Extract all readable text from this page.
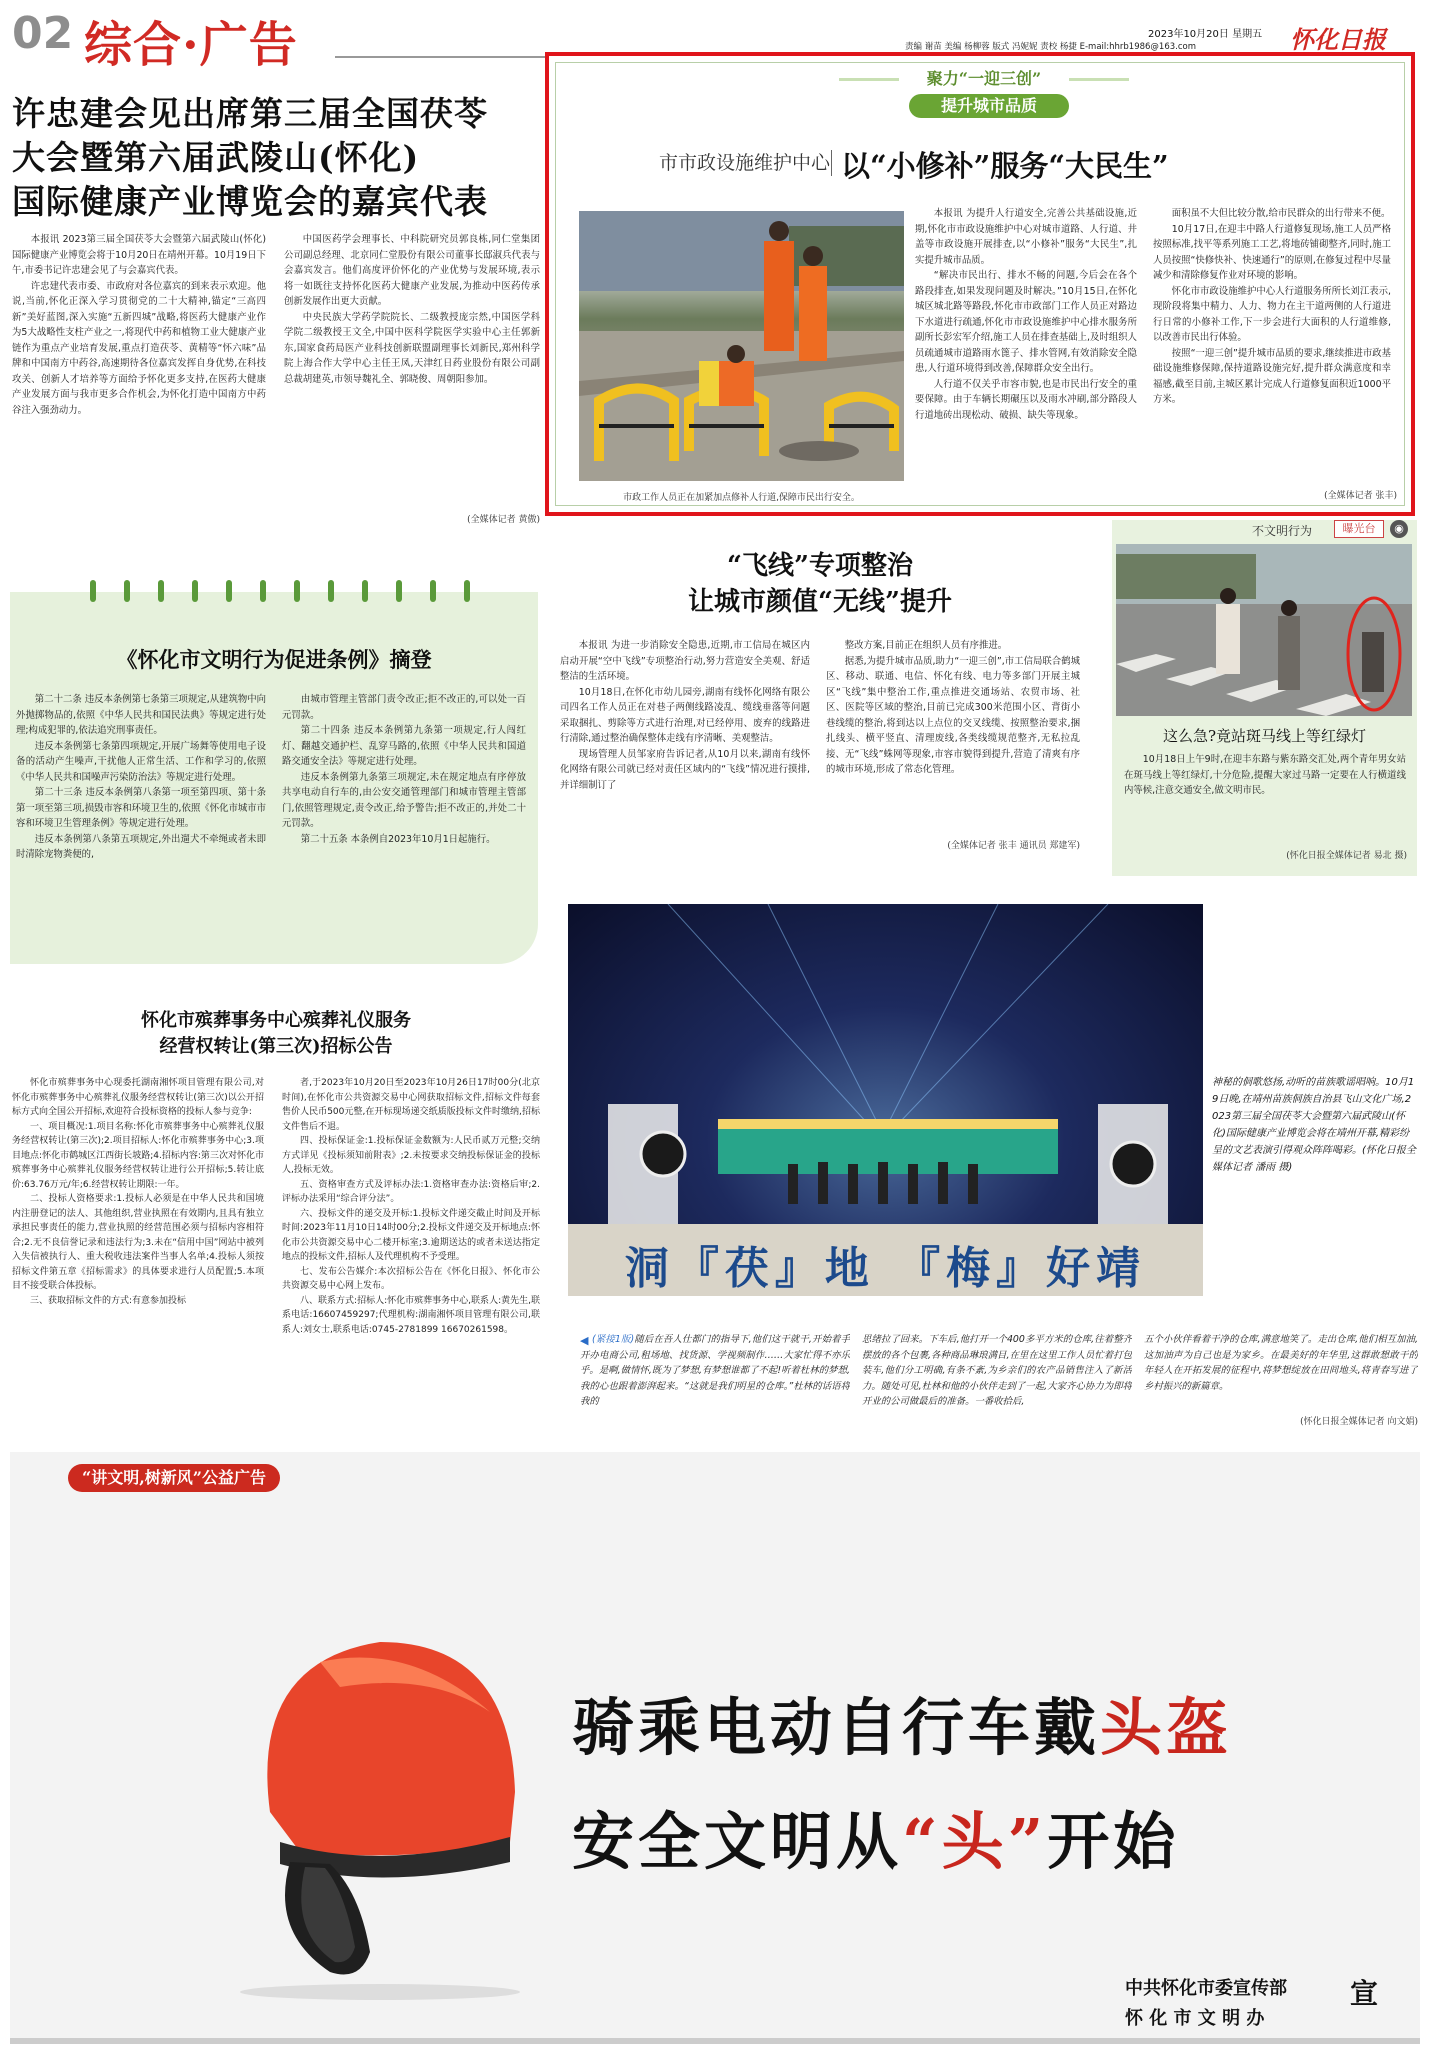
02 综合·广告	2023年10月20日 星期五
责编 谢苗 美编 杨柳蓉 版式 冯妮妮 责校 杨捷 E-mail:hhrb1986@163.com	怀化日报
许忠建会见出席第三届全国茯苓
大会暨第六届武陵山(怀化)
国际健康产业博览会的嘉宾代表

本报讯 2023第三届全国茯苓大会暨第六届武陵山(怀化)国际健康产业博览会将于10月20日在靖州开幕。10月19日下午,市委书记许忠建会见了与会嘉宾代表。

许忠建代表市委、市政府对各位嘉宾的到来表示欢迎。他说,当前,怀化正深入学习贯彻党的二十大精神,锚定“三高四新”美好蓝图,深入实施“五新四城”战略,将医药大健康产业作为5大战略性支柱产业之一,将现代中药和植物工业大健康产业链作为重点产业培育发展,重点打造茯苓、黄精等“怀六味”品牌和中国南方中药谷,高速期待各位嘉宾发挥自身优势,在科技攻关、创新人才培养等方面给予怀化更多支持,在医药大健康产业发展方面与我市更多合作机会,为怀化打造中国南方中药谷注入强劲动力。

中国医药学会理事长、中科院研究员郭良栋,同仁堂集团公司副总经理、北京同仁堂股份有限公司董事长邸淑兵代表与会嘉宾发言。他们高度评价怀化的产业优势与发展环境,表示将一如既往支持怀化医药大健康产业发展,为推动中医药传承创新发展作出更大贡献。

中央民族大学药学院院长、二级教授庞宗然,中国医学科学院二级教授王文全,中国中医科学院医学实验中心主任郭新东,国家食药局医产业科技创新联盟副理事长刘新民,郑州科学院上海合作大学中心主任王凤,天津红日药业股份有限公司副总裁胡建英,市领导魏礼全、郭晓俊、周朝阳参加。

(全媒体记者 黄傲)
聚力“一迎三创”
提升城市品质
市市政设施维护中心 以“小修补”服务“大民生”
市政工作人员正在加紧加点修补人行道,保障市民出行安全。

本报讯 为提升人行道安全,完善公共基础设施,近期,怀化市市政设施维护中心对城市道路、人行道、井盖等市政设施开展排查,以“小修补”服务“大民生”,扎实提升城市品质。

“解决市民出行、排水不畅的问题,今后会在各个路段排查,如果发现问题及时解决。”10月15日,在怀化城区城北路等路段,怀化市市政部门工作人员正对路边下水道进行疏通,怀化市市政设施维护中心排水服务所副所长彭宏军介绍,施工人员在排查基础上,及时组织人员疏通城市道路雨水篦子、排水管网,有效消除安全隐患,人行道环境得到改善,保障群众安全出行。

人行道不仅关乎市容市貌,也是市民出行安全的重要保障。由于车辆长期碾压以及雨水冲刷,部分路段人行道地砖出现松动、破损、缺失等现象。

面积虽不大但比较分散,给市民群众的出行带来不便。

10月17日,在迎丰中路人行道修复现场,施工人员严格按照标准,找平等系列施工工艺,将地砖铺砌整齐,同时,施工人员按照“快修快补、快速通行”的原则,在修复过程中尽量减少和清除修复作业对环境的影响。

怀化市市政设施维护中心人行道服务所所长刘江表示,现阶段将集中精力、人力、物力在主干道两侧的人行道进行日常的小修补工作,下一步会进行大面积的人行道维修,以改善市民出行体验。

按照“一迎三创”提升城市品质的要求,继续推进市政基础设施维修保障,保持道路设施完好,提升群众满意度和幸福感,截至目前,主城区累计完成人行道修复面积近1000平方米。

(全媒体记者 张丰)
《怀化市文明行为促进条例》摘登

第二十二条 违反本条例第七条第三项规定,从建筑物中向外抛掷物品的,依照《中华人民共和国民法典》等规定进行处理;构成犯罪的,依法追究刑事责任。

违反本条例第七条第四项规定,开展广场舞等使用电子设备的活动产生噪声,干扰他人正常生活、工作和学习的,依照《中华人民共和国噪声污染防治法》等规定进行处理。

第二十三条 违反本条例第八条第一项至第四项、第十条第一项至第三项,损毁市容和环境卫生的,依照《怀化市城市市容和环境卫生管理条例》等规定进行处理。

违反本条例第八条第五项规定,外出遛犬不牵绳或者未即时清除宠物粪便的,

由城市管理主管部门责令改正;拒不改正的,可以处一百元罚款。

第二十四条 违反本条例第九条第一项规定,行人闯红灯、翻越交通护栏、乱穿马路的,依照《中华人民共和国道路交通安全法》等规定进行处理。

违反本条例第九条第三项规定,未在规定地点有序停放共享电动自行车的,由公安交通管理部门和城市管理主管部门,依照管理规定,责令改正,给予警告;拒不改正的,并处二十元罚款。

第二十五条 本条例自2023年10月1日起施行。

“飞线”专项整治
让城市颜值“无线”提升

本报讯 为进一步消除安全隐患,近期,市工信局在城区内启动开展“空中飞线”专项整治行动,努力营造安全美观、舒适整洁的生活环境。

10月18日,在怀化市幼儿园旁,湖南有线怀化网络有限公司四名工作人员正在对巷子两侧线路凌乱、缆线垂落等问题采取捆扎、剪除等方式进行治理,对已经停用、废弃的线路进行清除,通过整治确保整体走线有序清晰、美观整洁。

现场管理人员邹家府告诉记者,从10月以来,湖南有线怀化网络有限公司就已经对责任区域内的“飞线”情况进行摸排,并详细制订了

整改方案,目前正在组织人员有序推进。

据悉,为提升城市品质,助力“一迎三创”,市工信局联合鹤城区、移动、联通、电信、怀化有线、电力等多部门开展主城区“飞线”集中整治工作,重点推进交通场站、农贸市场、社区、医院等区域的整治,目前已完成300米范围小区、背街小巷线缆的整治,将到达以上点位的交叉线缆、按照整治要求,捆扎线头、横平竖直、清理废线,各类线缆规范整齐,无私拉乱接、无“飞线”蛛网等现象,市容市貌得到提升,营造了清爽有序的城市环境,形成了常态化管理。

(全媒体记者 张丰 通讯员 郑建军)
不文明行为	曝光台	◉
这么急?竟站斑马线上等红绿灯
10月18日上午9时,在迎丰东路与紫东路交汇处,两个青年男女站在斑马线上等红绿灯,十分危险,提醒大家过马路一定要在人行横道线内等候,注意交通安全,做文明市民。
(怀化日报全媒体记者 易北 摄)
怀化市殡葬事务中心殡葬礼仪服务
经营权转让(第三次)招标公告

怀化市殡葬事务中心现委托湖南湘怀项目管理有限公司,对怀化市殡葬事务中心殡葬礼仪服务经营权转让(第三次)以公开招标方式向全国公开招标,欢迎符合投标资格的投标人参与竞争:

一、项目概况:1.项目名称:怀化市殡葬事务中心殡葬礼仪服务经营权转让(第三次);2.项目招标人:怀化市殡葬事务中心;3.项目地点:怀化市鹤城区江西街长坡路;4.招标内容:第三次对怀化市殡葬事务中心殡葬礼仪服务经营权转让进行公开招标;5.转让底价:63.76万元/年;6.经营权转让期限:一年。

二、投标人资格要求:1.投标人必须是在中华人民共和国境内注册登记的法人、其他组织,营业执照在有效期内,且具有独立承担民事责任的能力,营业执照的经营范围必须与招标内容相符合;2.无不良信誉记录和违法行为;3.未在“信用中国”网站中被列入失信被执行人、重大税收违法案件当事人名单;4.投标人须按招标文件第五章《招标需求》的具体要求进行人员配置;5.本项目不接受联合体投标。

三、获取招标文件的方式:有意参加投标

者,于2023年10月20日至2023年10月26日17时00分(北京时间),在怀化市公共资源交易中心网获取招标文件,招标文件每套售价人民币500元整,在开标现场递交纸质版投标文件时缴纳,招标文件售后不退。

四、投标保证金:1.投标保证金数额为:人民币贰万元整;交纳方式详见《投标须知前附表》;2.未按要求交纳投标保证金的投标人,投标无效。

五、资格审查方式及评标办法:1.资格审查办法:资格后审;2.评标办法采用“综合评分法”。

六、投标文件的递交及开标:1.投标文件递交截止时间及开标时间:2023年11月10日14时00分;2.投标文件递交及开标地点:怀化市公共资源交易中心二楼开标室;3.逾期送达的或者未送达指定地点的投标文件,招标人及代理机构不予受理。

七、发布公告媒介:本次招标公告在《怀化日报》、怀化市公共资源交易中心网上发布。

八、联系方式:招标人:怀化市殡葬事务中心,联系人:黄先生,联系电话:16607459297;代理机构:湖南湘怀项目管理有限公司,联系人:刘女士,联系电话:0745-2781899 16670261598。

洞『茯』地 『梅』好靖
神秘的侗歌悠扬,动听的苗族歌谣唱响。10月19日晚,在靖州苗族侗族自治县飞山文化广场,2023第三届全国茯苓大会暨第六届武陵山(怀化)国际健康产业博览会将在靖州开幕,精彩纷呈的文艺表演引得观众阵阵喝彩。(怀化日报全媒体记者 潘雨 摄)
◀ (紧接1版)随后在吾人仕都门的指导下,他们这干就干,开始着手开办电商公司,租场地、找货源、学视频制作……大家忙得不亦乐乎。是啊,做情怀,既为了梦想,有梦想谁都了不起!听着杜林的梦想,我的心也跟着澎湃起来。“这就是我们明星的仓库。”杜林的话语将我的
思绪拉了回来。下车后,他打开一个400多平方米的仓库,往着整齐摆放的各个包裹,各种商品琳琅满目,在里在这里工作人员忙着打包装车,他们分工明确,有条不紊,为乡亲们的农产品销售注入了新活力。随处可见,杜林和他的小伙伴走到了一起,大家齐心协力为即将开业的公司做最后的准备。一番收拾后,
五个小伙伴看着干净的仓库,满意地笑了。走出仓库,他们相互加油,这加油声为自己也是为家乡。在最美好的年华里,这群敢想敢干的年轻人在开拓发展的征程中,将梦想绽放在田间地头,将青春写进了乡村振兴的新篇章。
(怀化日报全媒体记者 向文娟)
“讲文明,树新风”公益广告
骑乘电动自行车戴头盔
安全文明从“头”开始
中共怀化市委宣传部
怀 化 市 文 明 办
宣
